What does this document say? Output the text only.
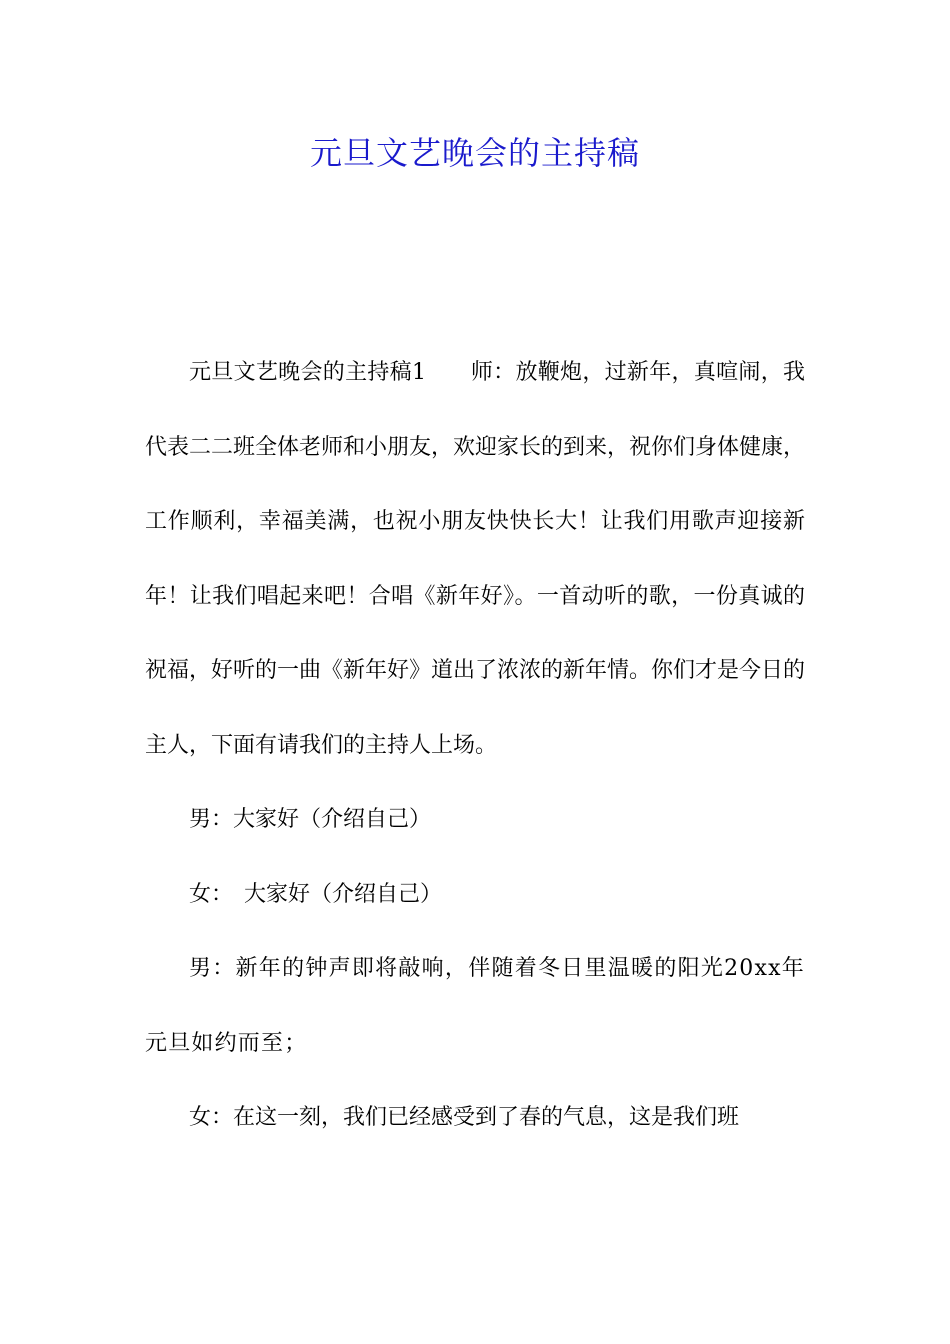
元旦文艺晚会的主持稿

元旦文艺晚会的主持稿1　　师：放鞭炮，过新年，真喧闹，我代表二二班全体老师和小朋友，欢迎家长的到来，祝你们身体健康，工作顺利，幸福美满，也祝小朋友快快长大！让我们用歌声迎接新年！让我们唱起来吧！合唱《新年好》。一首动听的歌，一份真诚的祝福，好听的一曲《新年好》道出了浓浓的新年情。你们才是今日的主人，下面有请我们的主持人上场。

男：大家好（介绍自己）

女：　大家好（介绍自己）

男：新年的钟声即将敲响，伴随着冬日里温暖的阳光20xx年元旦如约而至；

女：在这一刻，我们已经感受到了春的气息，这是我们班
